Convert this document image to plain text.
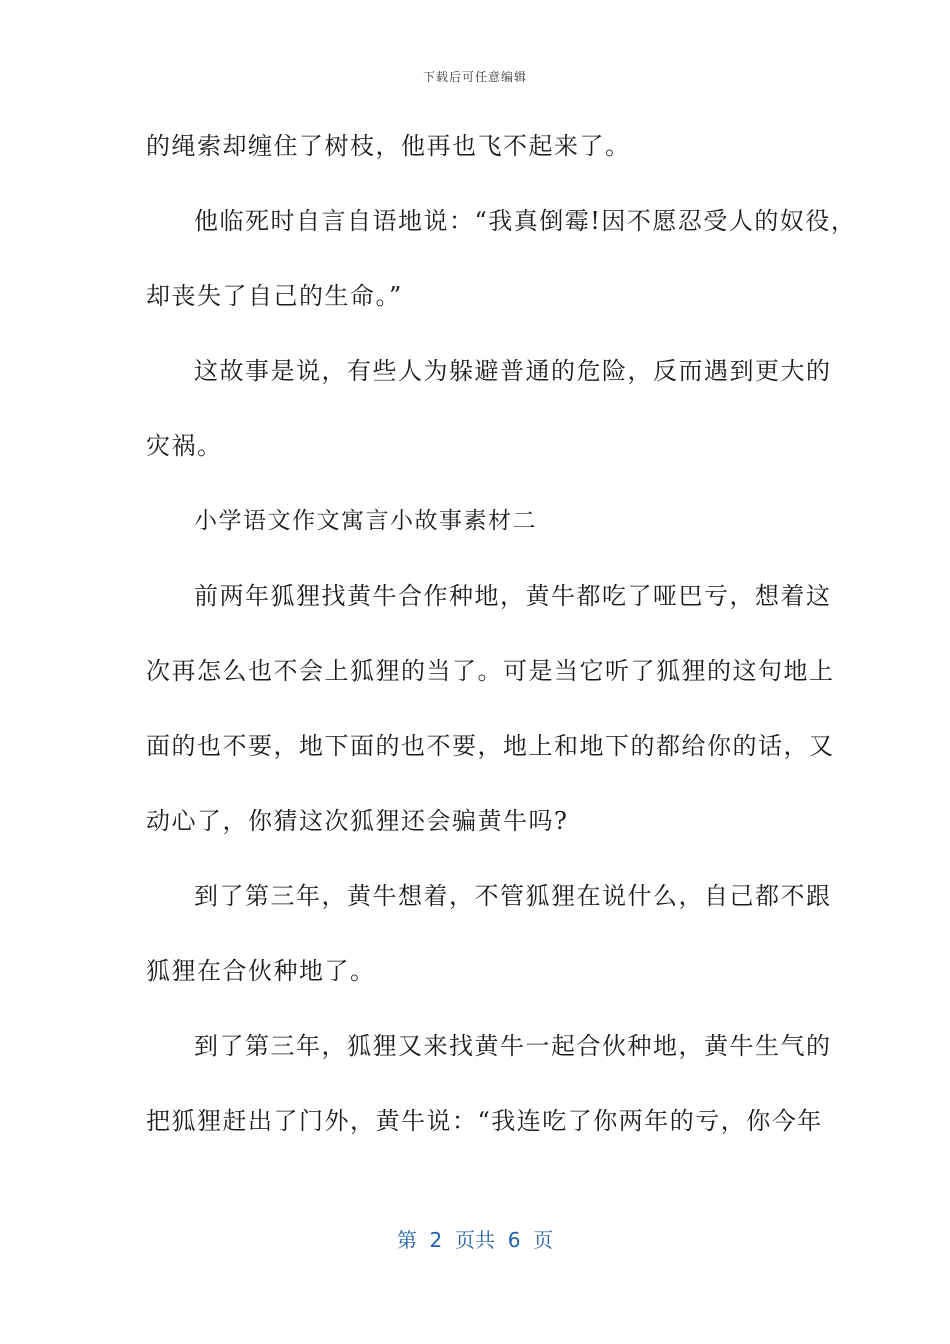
下载后可任意编辑
的绳索却缠住了树枝，他再也飞不起来了。
他临死时自言自语地说：“我真倒霉!因不愿忍受人的奴役，
却丧失了自己的生命。”
这故事是说，有些人为躲避普通的危险，反而遇到更大的
灾祸。
小学语文作文寓言小故事素材二
前两年狐狸找黄牛合作种地，黄牛都吃了哑巴亏，想着这
次再怎么也不会上狐狸的当了。可是当它听了狐狸的这句地上
面的也不要，地下面的也不要，地上和地下的都给你的话，又
动心了，你猜这次狐狸还会骗黄牛吗?
到了第三年，黄牛想着，不管狐狸在说什么，自己都不跟
狐狸在合伙种地了。
到了第三年，狐狸又来找黄牛一起合伙种地，黄牛生气的
把狐狸赶出了门外，黄牛说：“我连吃了你两年的亏，你今年
第  2  页共  6  页
